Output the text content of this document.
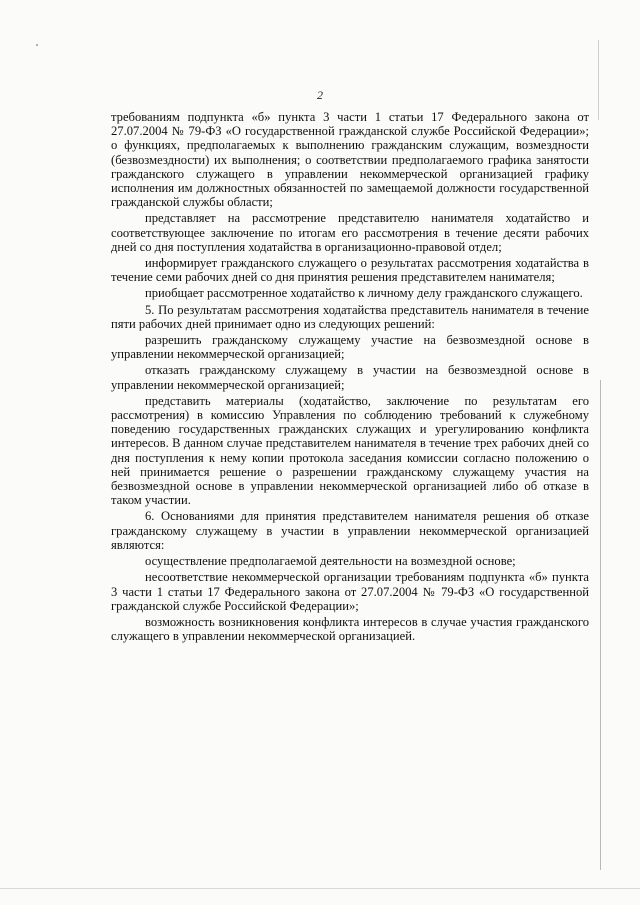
2

требованиям подпункта «б» пункта 3 части 1 статьи 17 Федерального закона от 27.07.2004 № 79-ФЗ «О государственной гражданской службе Российской Федерации»; о функциях, предполагаемых к выполнению гражданским служащим, возмездности (безвозмездности) их выполнения; о соответствии предполагаемого графика занятости гражданского служащего в управлении некоммерческой организацией графику исполнения им должностных обязанностей по замещаемой должности государственной гражданской службы области;

представляет на рассмотрение представителю нанимателя ходатайство и соответствующее заключение по итогам его рассмотрения в течение десяти рабочих дней со дня поступления ходатайства в организационно-правовой отдел;

информирует гражданского служащего о результатах рассмотрения ходатайства в течение семи рабочих дней со дня принятия решения представителем нанимателя;

приобщает рассмотренное ходатайство к личному делу гражданского служащего.

5. По результатам рассмотрения ходатайства представитель нанимателя в течение пяти рабочих дней принимает одно из следующих решений:

разрешить гражданскому служащему участие на безвозмездной основе в управлении некоммерческой организацией;

отказать гражданскому служащему в участии на безвозмездной основе в управлении некоммерческой организацией;

представить материалы (ходатайство, заключение по результатам его рассмотрения) в комиссию Управления по соблюдению требований к служебному поведению государственных гражданских служащих и урегулированию конфликта интересов. В данном случае представителем нанимателя в течение трех рабочих дней со дня поступления к нему копии протокола заседания комиссии согласно положению о ней принимается решение о разрешении гражданскому служащему участия на безвозмездной основе в управлении некоммерческой организацией либо об отказе в таком участии.

6. Основаниями для принятия представителем нанимателя решения об отказе гражданскому служащему в участии в управлении некоммерческой организацией являются:

осуществление предполагаемой деятельности на возмездной основе;

несоответствие некоммерческой организации требованиям подпункта «б» пункта 3 части 1 статьи 17 Федерального закона от 27.07.2004 № 79-ФЗ «О государственной гражданской службе Российской Федерации»;

возможность возникновения конфликта интересов в случае участия гражданского служащего в управлении некоммерческой организацией.
